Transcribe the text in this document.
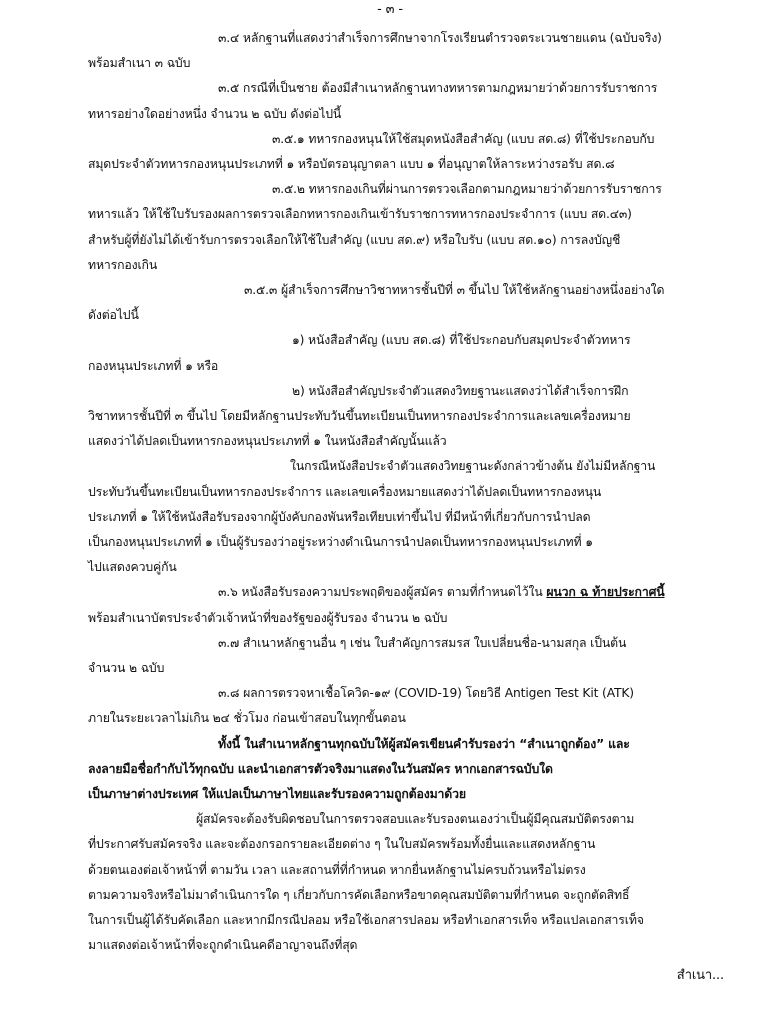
- ๓ -
๓.๔ หลักฐานที่แสดงว่าสำเร็จการศึกษาจากโรงเรียนตำรวจตระเวนชายแดน (ฉบับจริง)
พร้อมสำเนา ๓ ฉบับ
๓.๕ กรณีที่เป็นชาย ต้องมีสำเนาหลักฐานทางทหารตามกฎหมายว่าด้วยการรับราชการ
ทหารอย่างใดอย่างหนึ่ง จำนวน ๒ ฉบับ ดังต่อไปนี้
๓.๕.๑ ทหารกองหนุนให้ใช้สมุดหนังสือสำคัญ (แบบ สด.๘) ที่ใช้ประกอบกับ
สมุดประจำตัวทหารกองหนุนประเภทที่ ๑ หรือบัตรอนุญาตลา แบบ ๑ ที่อนุญาตให้ลาระหว่างรอรับ สด.๘
๓.๕.๒ ทหารกองเกินที่ผ่านการตรวจเลือกตามกฎหมายว่าด้วยการรับราชการ
ทหารแล้ว ให้ใช้ใบรับรองผลการตรวจเลือกทหารกองเกินเข้ารับราชการทหารกองประจำการ (แบบ สด.๔๓)
สำหรับผู้ที่ยังไม่ได้เข้ารับการตรวจเลือกให้ใช้ใบสำคัญ (แบบ สด.๙) หรือใบรับ (แบบ สด.๑๐) การลงบัญชี
ทหารกองเกิน
๓.๕.๓ ผู้สำเร็จการศึกษาวิชาทหารชั้นปีที่ ๓ ขึ้นไป ให้ใช้หลักฐานอย่างหนึ่งอย่างใด
ดังต่อไปนี้
๑) หนังสือสำคัญ (แบบ สด.๘) ที่ใช้ประกอบกับสมุดประจำตัวทหาร
กองหนุนประเภทที่ ๑ หรือ
๒) หนังสือสำคัญประจำตัวแสดงวิทยฐานะแสดงว่าได้สำเร็จการฝึก
วิชาทหารชั้นปีที่ ๓ ขึ้นไป โดยมีหลักฐานประทับวันขึ้นทะเบียนเป็นทหารกองประจำการและเลขเครื่องหมาย
แสดงว่าได้ปลดเป็นทหารกองหนุนประเภทที่ ๑ ในหนังสือสำคัญนั้นแล้ว
ในกรณีหนังสือประจำตัวแสดงวิทยฐานะดังกล่าวข้างต้น ยังไม่มีหลักฐาน
ประทับวันขึ้นทะเบียนเป็นทหารกองประจำการ และเลขเครื่องหมายแสดงว่าได้ปลดเป็นทหารกองหนุน
ประเภทที่ ๑ ให้ใช้หนังสือรับรองจากผู้บังคับกองพันหรือเทียบเท่าขึ้นไป ที่มีหน้าที่เกี่ยวกับการนำปลด
เป็นกองหนุนประเภทที่ ๑ เป็นผู้รับรองว่าอยู่ระหว่างดำเนินการนำปลดเป็นทหารกองหนุนประเภทที่ ๑
ไปแสดงควบคู่กัน
๓.๖ หนังสือรับรองความประพฤติของผู้สมัคร ตามที่กำหนดไว้ใน ผนวก ฉ ท้ายประกาศนี้
พร้อมสำเนาบัตรประจำตัวเจ้าหน้าที่ของรัฐของผู้รับรอง จำนวน ๒ ฉบับ
๓.๗ สำเนาหลักฐานอื่น ๆ เช่น ใบสำคัญการสมรส ใบเปลี่ยนชื่อ-นามสกุล เป็นต้น
จำนวน ๒ ฉบับ
๓.๘ ผลการตรวจหาเชื้อโควิด-๑๙ (COVID-19) โดยวิธี Antigen Test Kit (ATK)
ภายในระยะเวลาไม่เกิน ๒๔ ชั่วโมง ก่อนเข้าสอบในทุกขั้นตอน
ทั้งนี้ ในสำเนาหลักฐานทุกฉบับให้ผู้สมัครเขียนคำรับรองว่า “สำเนาถูกต้อง” และ
ลงลายมือชื่อกำกับไว้ทุกฉบับ และนำเอกสารตัวจริงมาแสดงในวันสมัคร หากเอกสารฉบับใด
เป็นภาษาต่างประเทศ ให้แปลเป็นภาษาไทยและรับรองความถูกต้องมาด้วย
ผู้สมัครจะต้องรับผิดชอบในการตรวจสอบและรับรองตนเองว่าเป็นผู้มีคุณสมบัติตรงตาม
ที่ประกาศรับสมัครจริง และจะต้องกรอกรายละเอียดต่าง ๆ ในใบสมัครพร้อมทั้งยื่นและแสดงหลักฐาน
ด้วยตนเองต่อเจ้าหน้าที่ ตามวัน เวลา และสถานที่ที่กำหนด หากยื่นหลักฐานไม่ครบถ้วนหรือไม่ตรง
ตามความจริงหรือไม่มาดำเนินการใด ๆ เกี่ยวกับการคัดเลือกหรือขาดคุณสมบัติตามที่กำหนด จะถูกตัดสิทธิ์
ในการเป็นผู้ได้รับคัดเลือก และหากมีกรณีปลอม หรือใช้เอกสารปลอม หรือทำเอกสารเท็จ หรือแปลเอกสารเท็จ
มาแสดงต่อเจ้าหน้าที่จะถูกดำเนินคดีอาญาจนถึงที่สุด
สำเนา...
